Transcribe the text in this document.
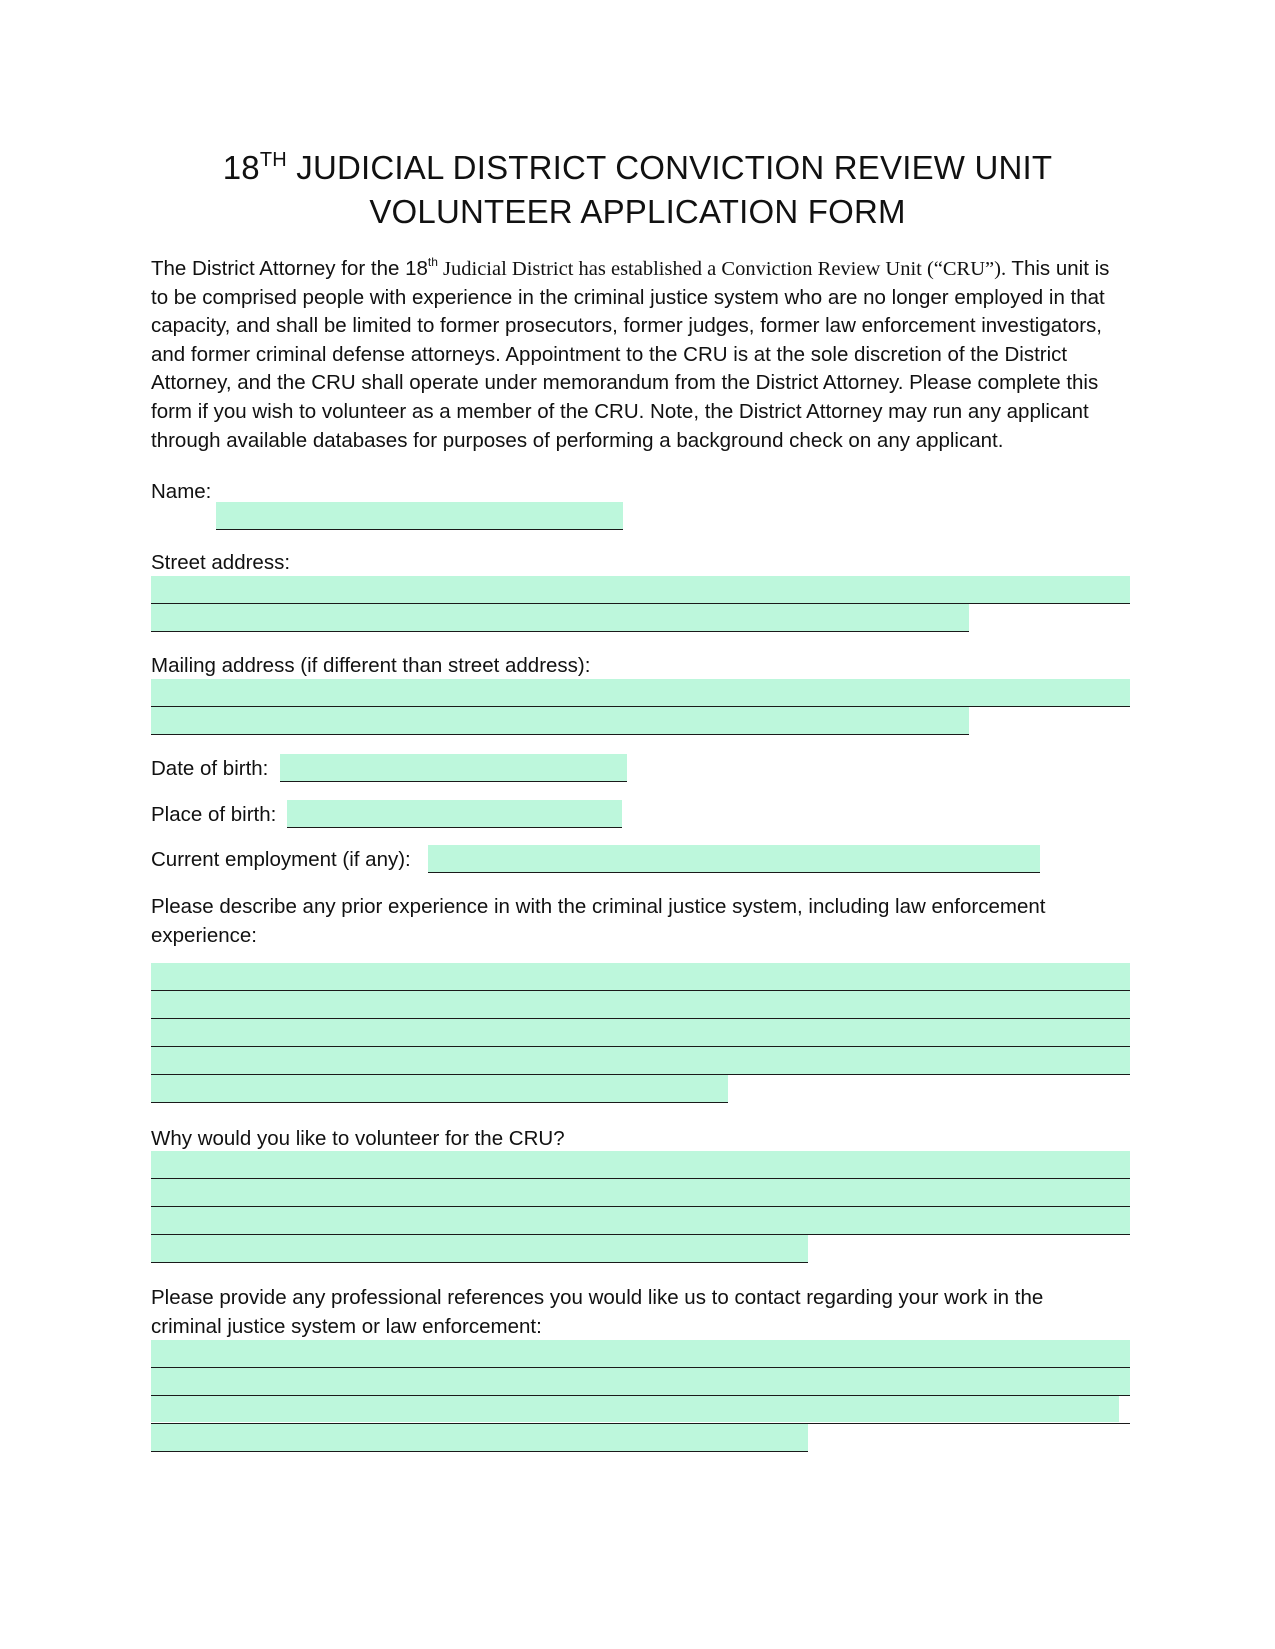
18TH JUDICIAL DISTRICT CONVICTION REVIEW UNIT
VOLUNTEER APPLICATION FORM

The District Attorney for the 18th Judicial District has established a Conviction Review Unit (“CRU”). This unit is to be comprised people with experience in the criminal justice system who are no longer employed in that capacity, and shall be limited to former prosecutors, former judges, former law enforcement investigators, and former criminal defense attorneys. Appointment to the CRU is at the sole discretion of the District Attorney, and the CRU shall operate under memorandum from the District Attorney. Please complete this form if you wish to volunteer as a member of the CRU. Note, the District Attorney may run any applicant through available databases for purposes of performing a background check on any applicant.

Name:
Street address:
Mailing address (if different than street address):
Date of birth:
Place of birth:
Current employment (if any):
Please describe any prior experience in with the criminal justice system, including law enforcement
experience:
Why would you like to volunteer for the CRU?
Please provide any professional references you would like us to contact regarding your work in the
criminal justice system or law enforcement:
